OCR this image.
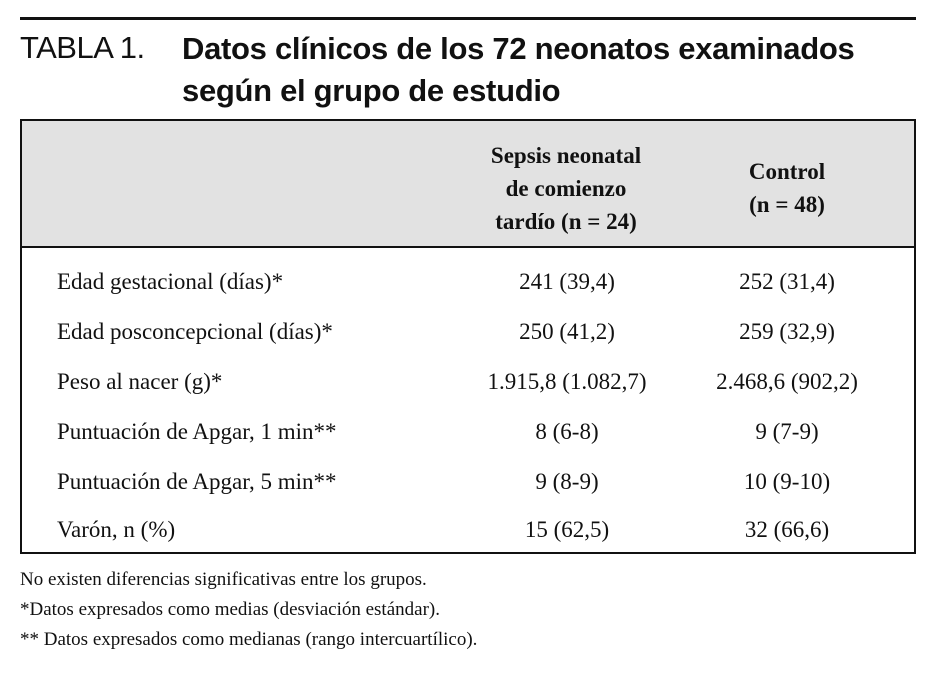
TABLA 1.	Datos clínicos de los 72 neonatos examinados
según el grupo de estudio
Sepsis neonatal
de comienzo
tardío (n = 24)
Control
(n = 48)
Edad gestacional (días)*	241 (39,4)	252 (31,4)
Edad posconcepcional (días)*	250 (41,2)	259 (32,9)
Peso al nacer (g)*	1.915,8 (1.082,7)	2.468,6 (902,2)
Puntuación de Apgar, 1 min**	8 (6-8)	9 (7-9)
Puntuación de Apgar, 5 min**	9 (8-9)	10 (9-10)
Varón, n (%)	15 (62,5)	32 (66,6)
No existen diferencias significativas entre los grupos.
*Datos expresados como medias (desviación estándar).
** Datos expresados como medianas (rango intercuartílico).
